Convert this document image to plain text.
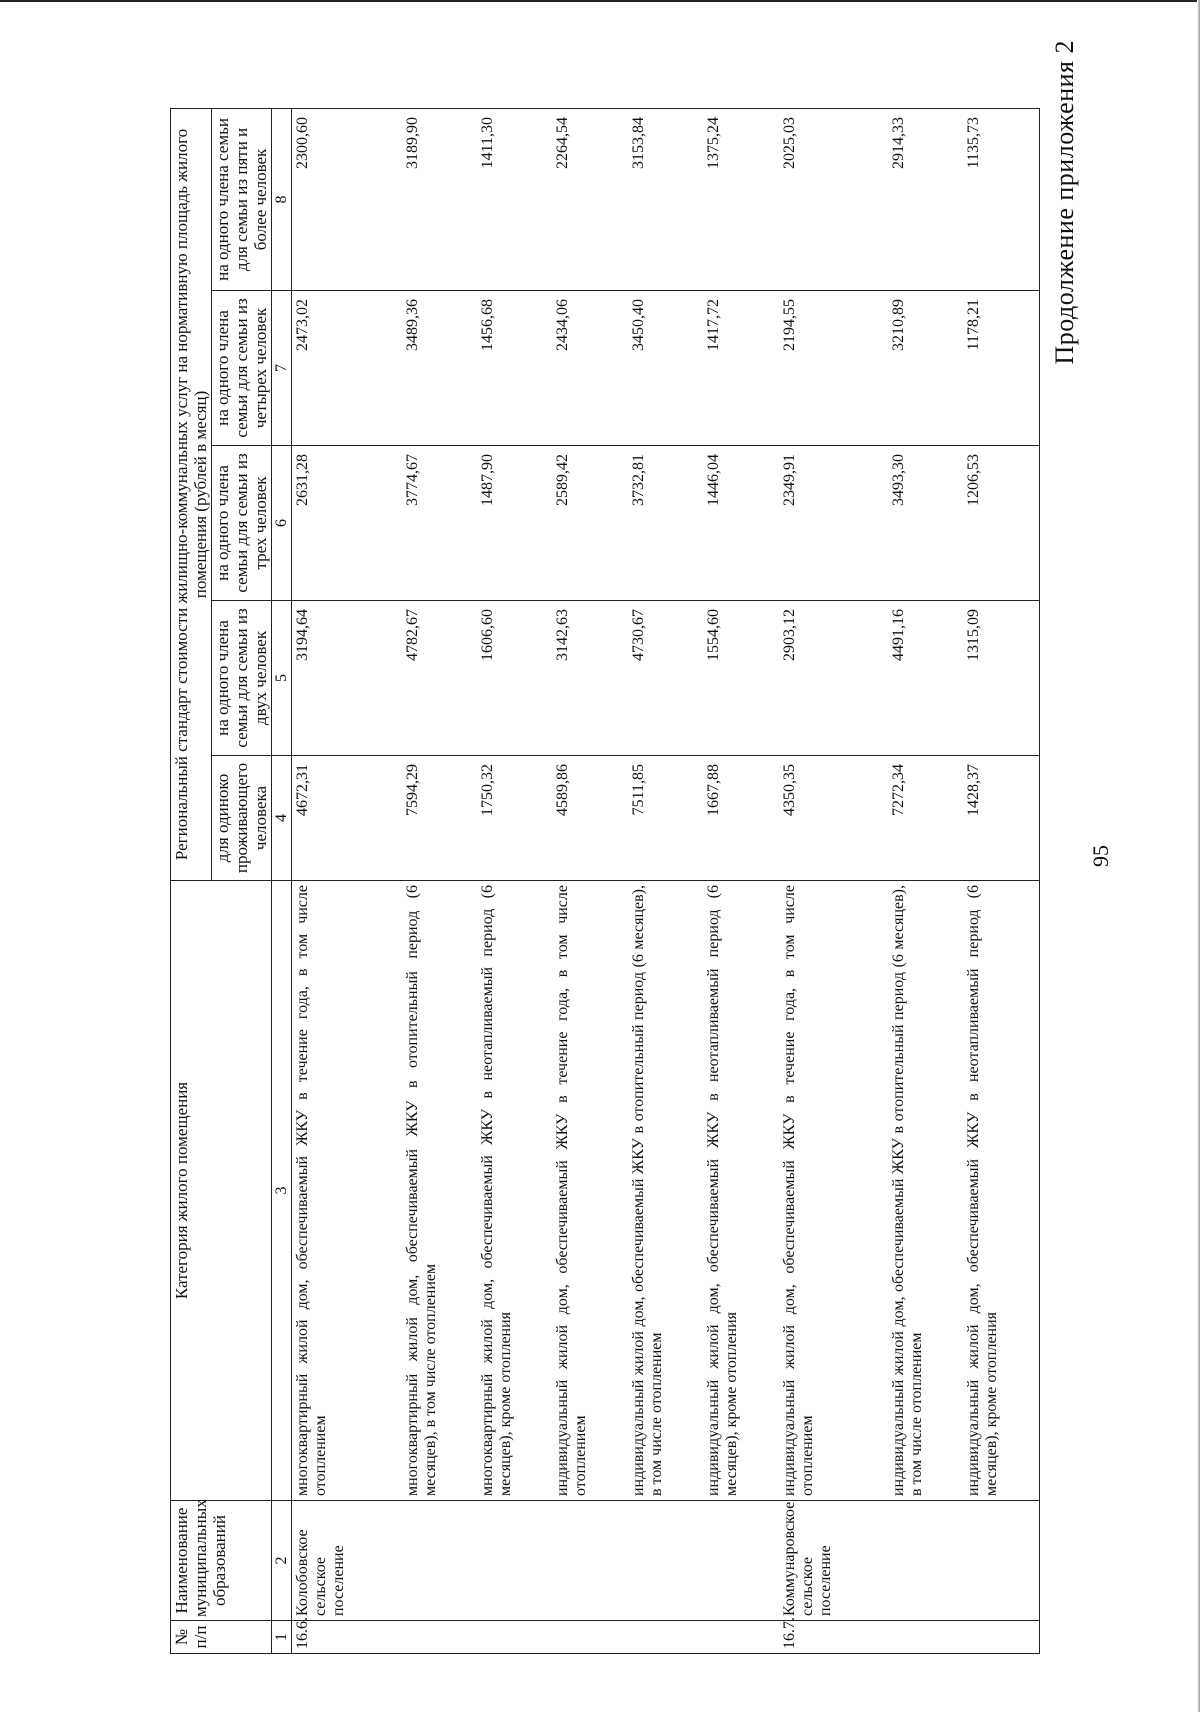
95
Продолжение приложения 2
№ п/п	Наименование муниципальных образований	Категория жилого помещения	Региональный стандарт стоимости жилищно-коммунальных услуг на нормативную площадь жилого помещения (рублей в месяц)				
			для одиноко проживающего человека	на одного члена семьи для семьи из двух человек	на одного члена семьи для семьи из трех человек	на одного члена семьи для семьи из четырех человек	на одного члена семьи для семьи из пяти и более человек
1	2	3	4	5	6	7	8
16.6.	Колобовское сельское поселение	многоквартирный жилой дом, обеспечиваемый ЖКУ в течение года, в том числе отоплением	4672,31	3194,64	2631,28	2473,02	2300,60
		многоквартирный жилой дом, обеспечиваемый ЖКУ в отопительный период (6 месяцев), в том числе отоплением	7594,29	4782,67	3774,67	3489,36	3189,90
		многоквартирный жилой дом, обеспечиваемый ЖКУ в неотапливаемый период (6 месяцев), кроме отопления	1750,32	1606,60	1487,90	1456,68	1411,30
		индивидуальный жилой дом, обеспечиваемый ЖКУ в течение года, в том числе отоплением	4589,86	3142,63	2589,42	2434,06	2264,54
		индивидуальный жилой дом, обеспечиваемый ЖКУ в отопительный период (6 месяцев), в том числе отоплением	7511,85	4730,67	3732,81	3450,40	3153,84
		индивидуальный жилой дом, обеспечиваемый ЖКУ в неотапливаемый период (6 месяцев), кроме отопления	1667,88	1554,60	1446,04	1417,72	1375,24
16.7.	Коммунаровское сельское поселение	индивидуальный жилой дом, обеспечиваемый ЖКУ в течение года, в том числе отоплением	4350,35	2903,12	2349,91	2194,55	2025,03
		индивидуальный жилой дом, обеспечиваемый ЖКУ в отопительный период (6 месяцев), в том числе отоплением	7272,34	4491,16	3493,30	3210,89	2914,33
		индивидуальный жилой дом, обеспечиваемый ЖКУ в неотапливаемый период (6 месяцев), кроме отопления	1428,37	1315,09	1206,53	1178,21	1135,73
